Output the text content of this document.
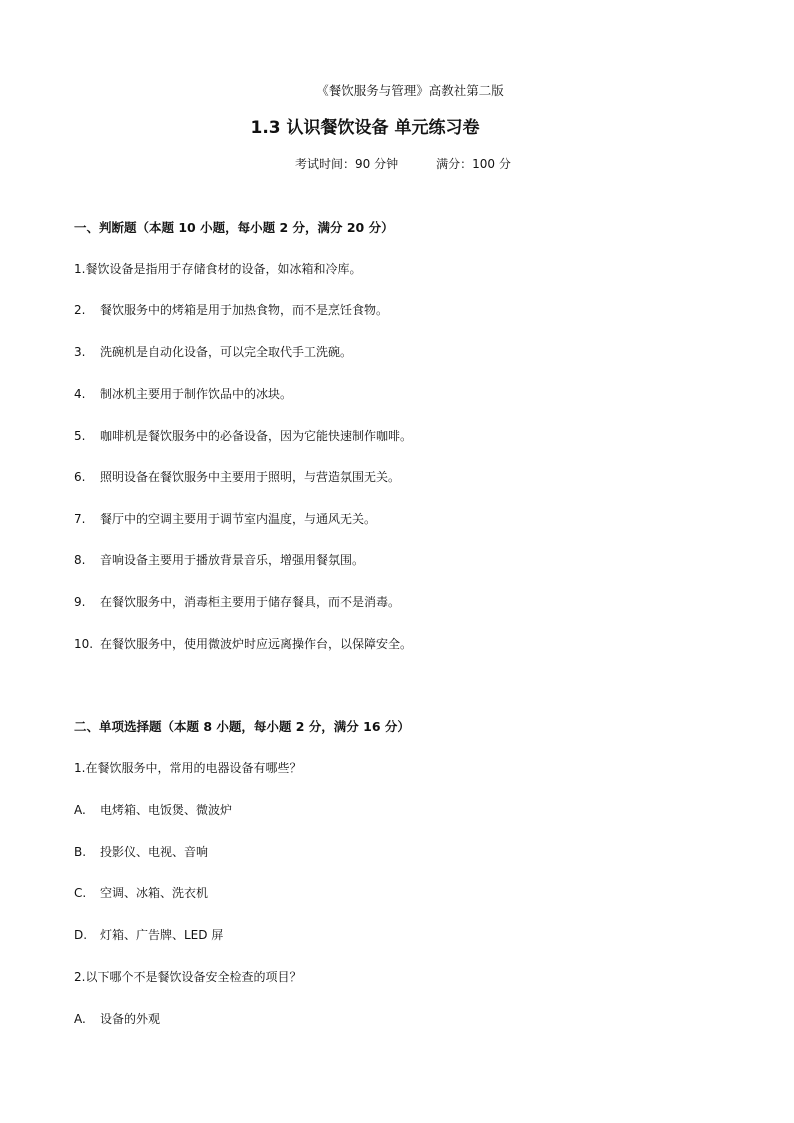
《餐饮服务与管理》高教社第二版
1.3 认识餐饮设备 单元练习卷
考试时间：90 分钟	满分：100 分
一、判断题（本题 10 小题，每小题 2 分，满分 20 分）
1.餐饮设备是指用于存储食材的设备，如冰箱和冷库。
2. 餐饮服务中的烤箱是用于加热食物，而不是烹饪食物。
3. 洗碗机是自动化设备，可以完全取代手工洗碗。
4. 制冰机主要用于制作饮品中的冰块。
5. 咖啡机是餐饮服务中的必备设备，因为它能快速制作咖啡。
6. 照明设备在餐饮服务中主要用于照明，与营造氛围无关。
7. 餐厅中的空调主要用于调节室内温度，与通风无关。
8. 音响设备主要用于播放背景音乐，增强用餐氛围。
9. 在餐饮服务中，消毒柜主要用于储存餐具，而不是消毒。
10. 在餐饮服务中，使用微波炉时应远离操作台，以保障安全。
二、单项选择题（本题 8 小题，每小题 2 分，满分 16 分）
1.在餐饮服务中，常用的电器设备有哪些？
A. 电烤箱、电饭煲、微波炉
B. 投影仪、电视、音响
C. 空调、冰箱、洗衣机
D. 灯箱、广告牌、LED 屏
2.以下哪个不是餐饮设备安全检查的项目？
A. 设备的外观
